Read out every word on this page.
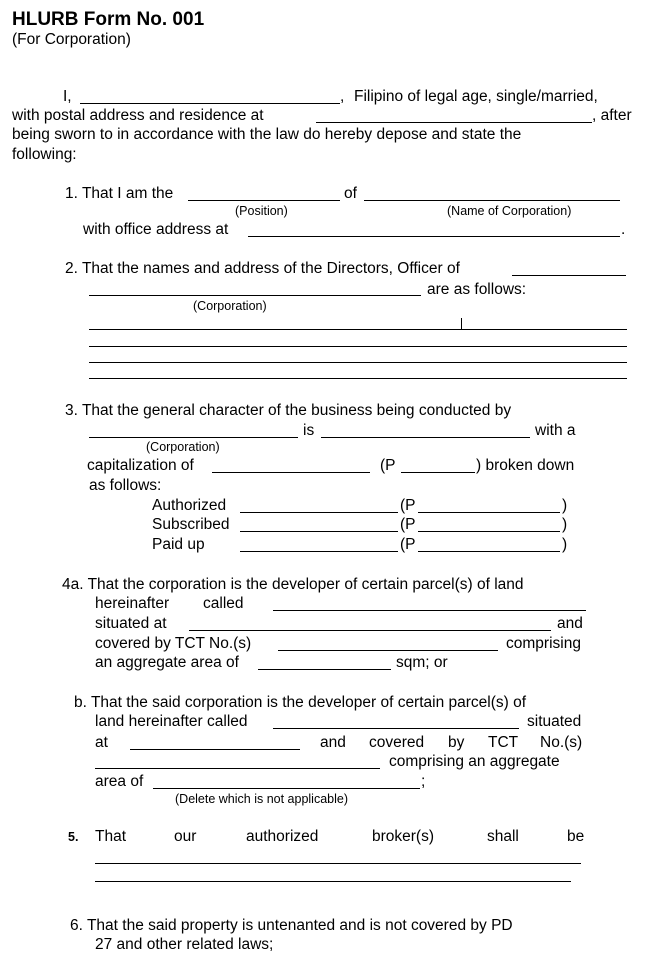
HLURB Form No. 001
(For Corporation)
I,	, Filipino of legal age, single/married,
with postal address and residence at	, after
being sworn to in accordance with the law do hereby depose and state the
following:
1. That I am the	of
(Position)	(Name of Corporation)
with office address at	.
2. That the names and address of the Directors, Officer of
are as follows:
(Corporation)
3. That the general character of the business being conducted by
is	with a
(Corporation)
capitalization of	(P	) broken down
as follows:
Authorized	(P	)
Subscribed	(P	)
Paid up	(P	)
4a. That the corporation is the developer of certain parcel(s) of land
hereinafter called
situated at	and
covered by TCT No.(s)	comprising
an aggregate area of	sqm; or
b. That the said corporation is the developer of certain parcel(s) of
land hereinafter called	situated
at	and covered by TCT No.(s)
comprising an aggregate
area of	;
(Delete which is not applicable)
5. That	our	authorized	broker(s)	shall	be
6. That the said property is untenanted and is not covered by PD
27 and other related laws;
